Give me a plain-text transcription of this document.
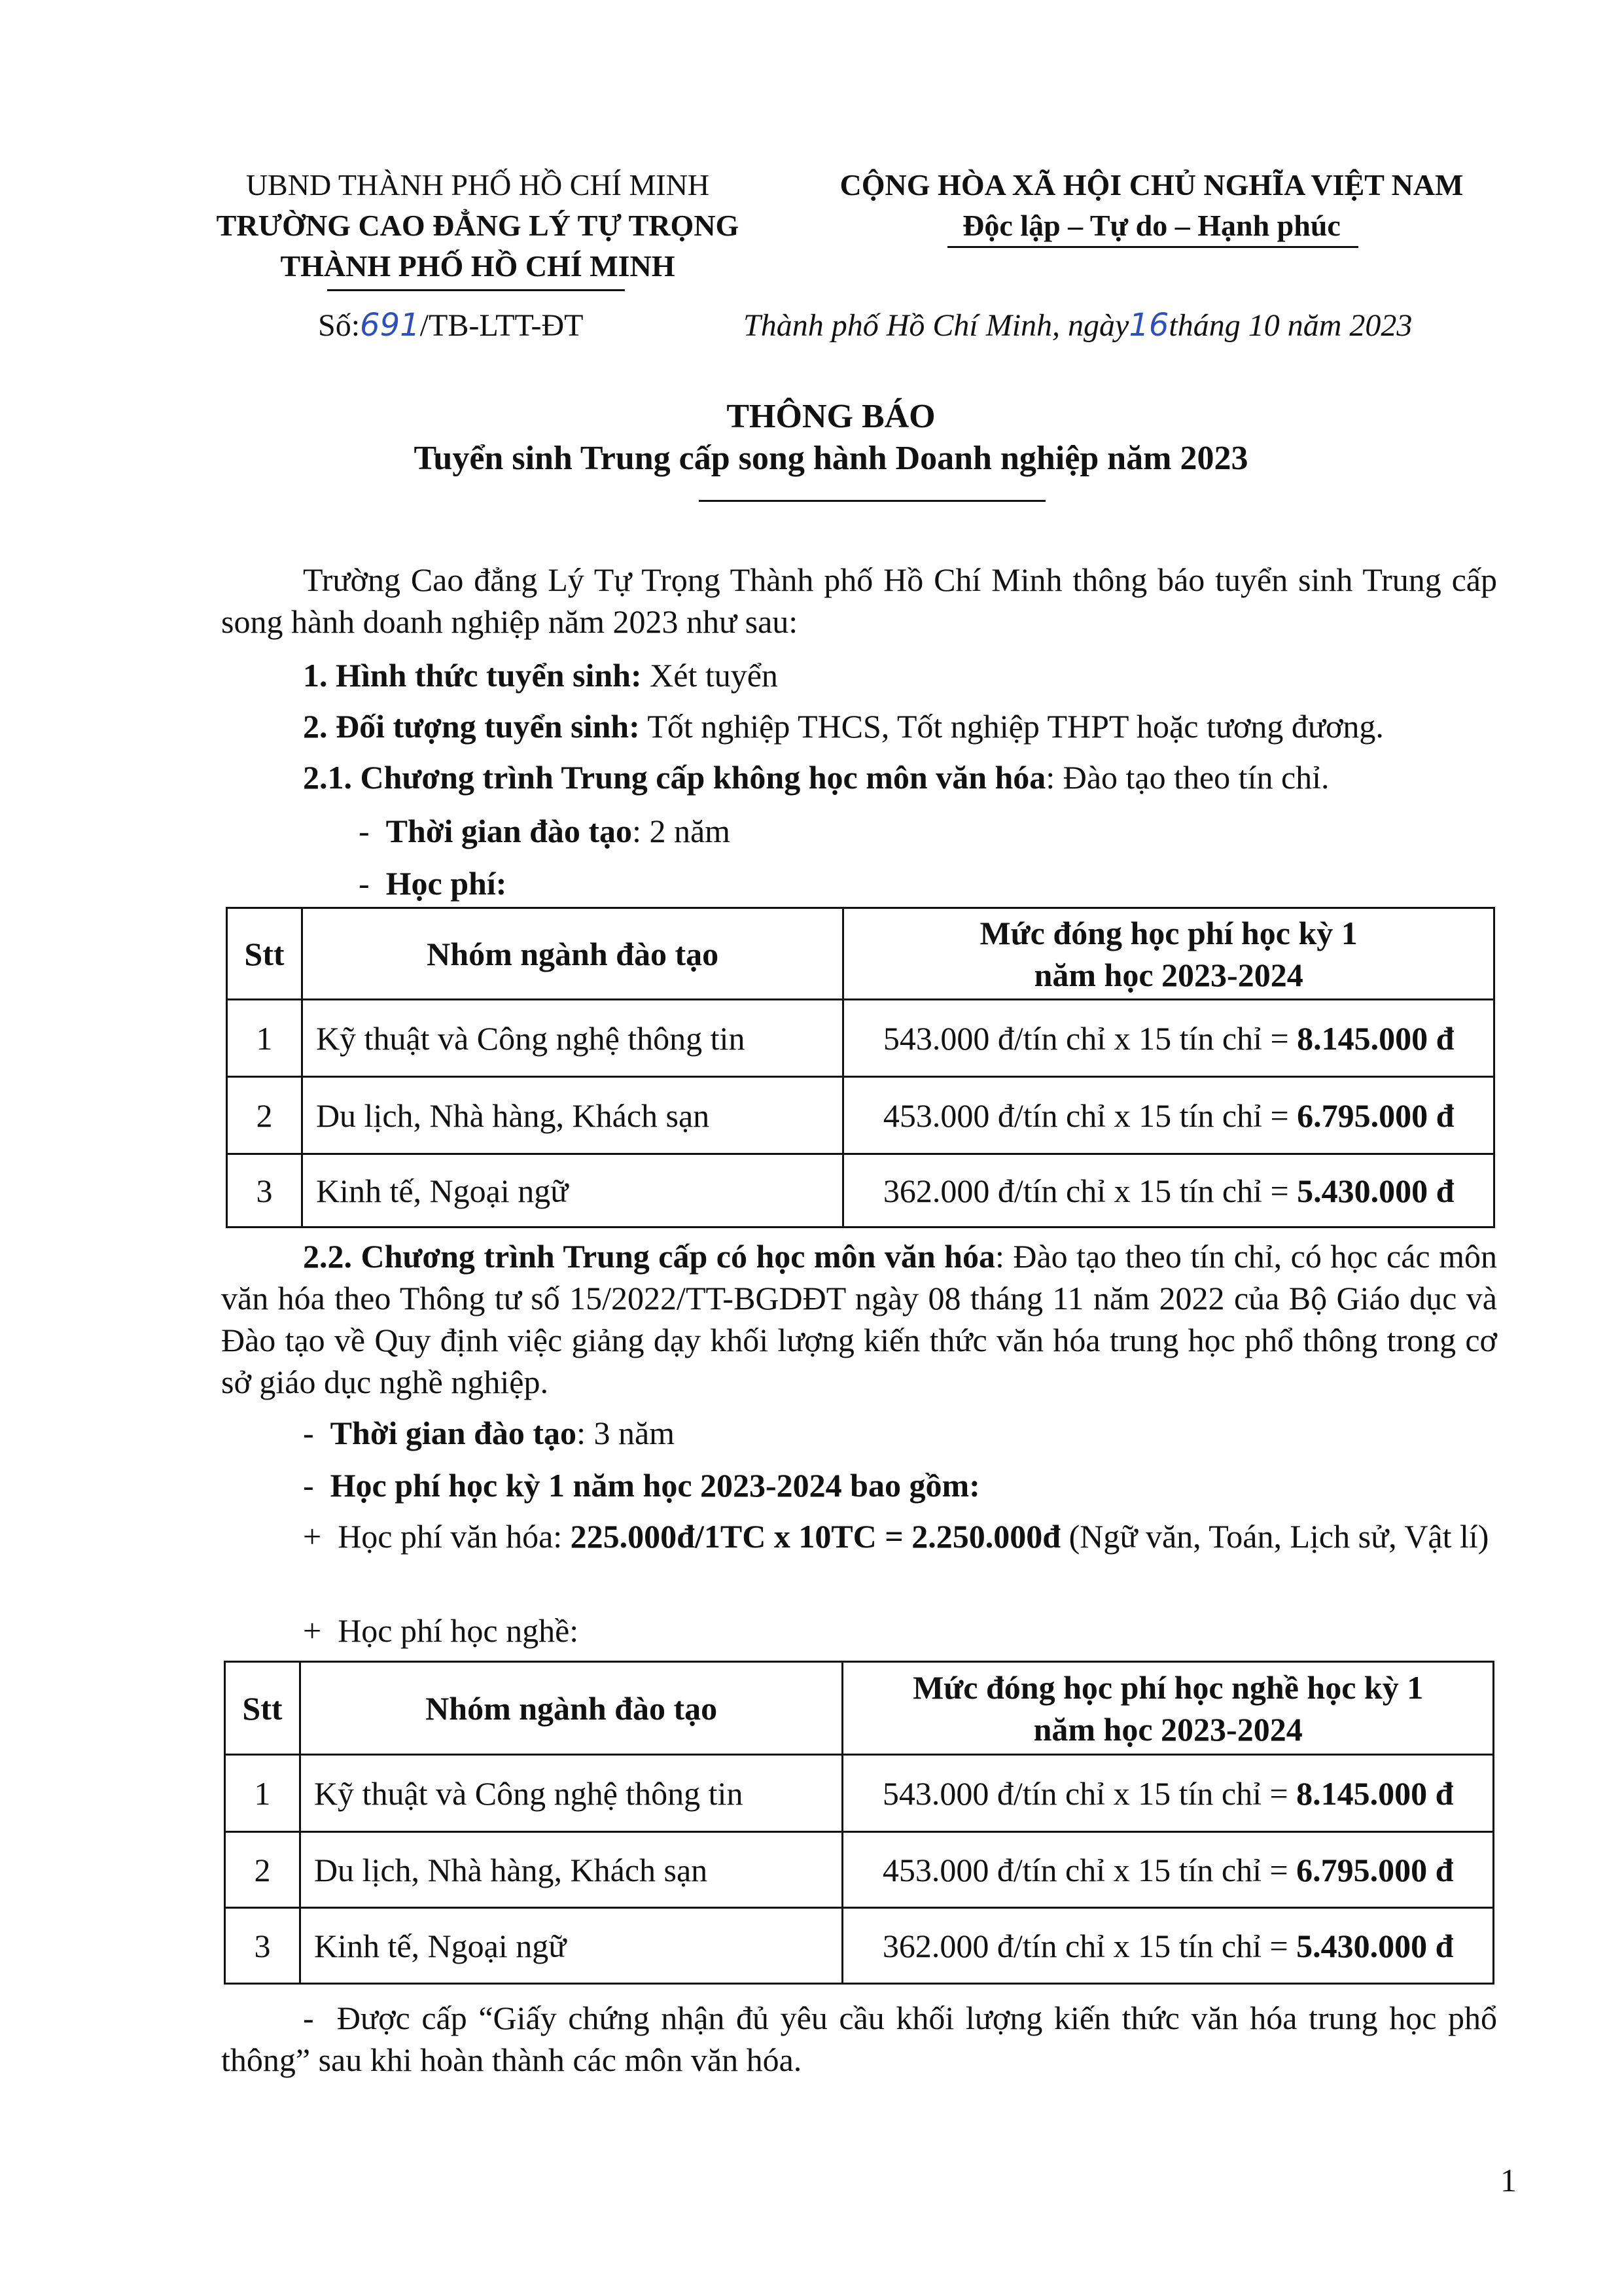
UBND THÀNH PHỐ HỒ CHÍ MINH
TRƯỜNG CAO ĐẲNG LÝ TỰ TRỌNG
THÀNH PHỐ HỒ CHÍ MINH
CỘNG HÒA XÃ HỘI CHỦ NGHĨA VIỆT NAM
Độc lập – Tự do – Hạnh phúc
Số:691/TB-LTT-ĐT	Thành phố Hồ Chí Minh, ngày16tháng 10 năm 2023
THÔNG BÁO
Tuyển sinh Trung cấp song hành Doanh nghiệp năm 2023
Trường Cao đẳng Lý Tự Trọng Thành phố Hồ Chí Minh thông báo tuyển sinh Trung cấp song hành doanh nghiệp năm 2023 như sau:
1. Hình thức tuyển sinh: Xét tuyển
2. Đối tượng tuyển sinh: Tốt nghiệp THCS, Tốt nghiệp THPT hoặc tương đương.
2.1. Chương trình Trung cấp không học môn văn hóa: Đào tạo theo tín chỉ.
- Thời gian đào tạo: 2 năm
- Học phí:
Stt	Nhóm ngành đào tạo	Mức đóng học phí học kỳ 1
năm học 2023-2024

1	Kỹ thuật và Công nghệ thông tin	543.000 đ/tín chỉ x 15 tín chỉ = 8.145.000 đ
2	Du lịch, Nhà hàng, Khách sạn	453.000 đ/tín chỉ x 15 tín chỉ = 6.795.000 đ
3	Kinh tế, Ngoại ngữ	362.000 đ/tín chỉ x 15 tín chỉ = 5.430.000 đ
2.2. Chương trình Trung cấp có học môn văn hóa: Đào tạo theo tín chỉ, có học các môn văn hóa theo Thông tư số 15/2022/TT-BGDĐT ngày 08 tháng 11 năm 2022 của Bộ Giáo dục và Đào tạo về Quy định việc giảng dạy khối lượng kiến thức văn hóa trung học phổ thông trong cơ sở giáo dục nghề nghiệp.
- Thời gian đào tạo: 3 năm
- Học phí học kỳ 1 năm học 2023-2024 bao gồm:
+ Học phí văn hóa: 225.000đ/1TC x 10TC = 2.250.000đ (Ngữ văn, Toán, Lịch sử, Vật lí)
+ Học phí học nghề:
Stt	Nhóm ngành đào tạo	Mức đóng học phí học nghề học kỳ 1
năm học 2023-2024

1	Kỹ thuật và Công nghệ thông tin	543.000 đ/tín chỉ x 15 tín chỉ = 8.145.000 đ
2	Du lịch, Nhà hàng, Khách sạn	453.000 đ/tín chỉ x 15 tín chỉ = 6.795.000 đ
3	Kinh tế, Ngoại ngữ	362.000 đ/tín chỉ x 15 tín chỉ = 5.430.000 đ
- Được cấp “Giấy chứng nhận đủ yêu cầu khối lượng kiến thức văn hóa trung học phổ thông” sau khi hoàn thành các môn văn hóa.
1
